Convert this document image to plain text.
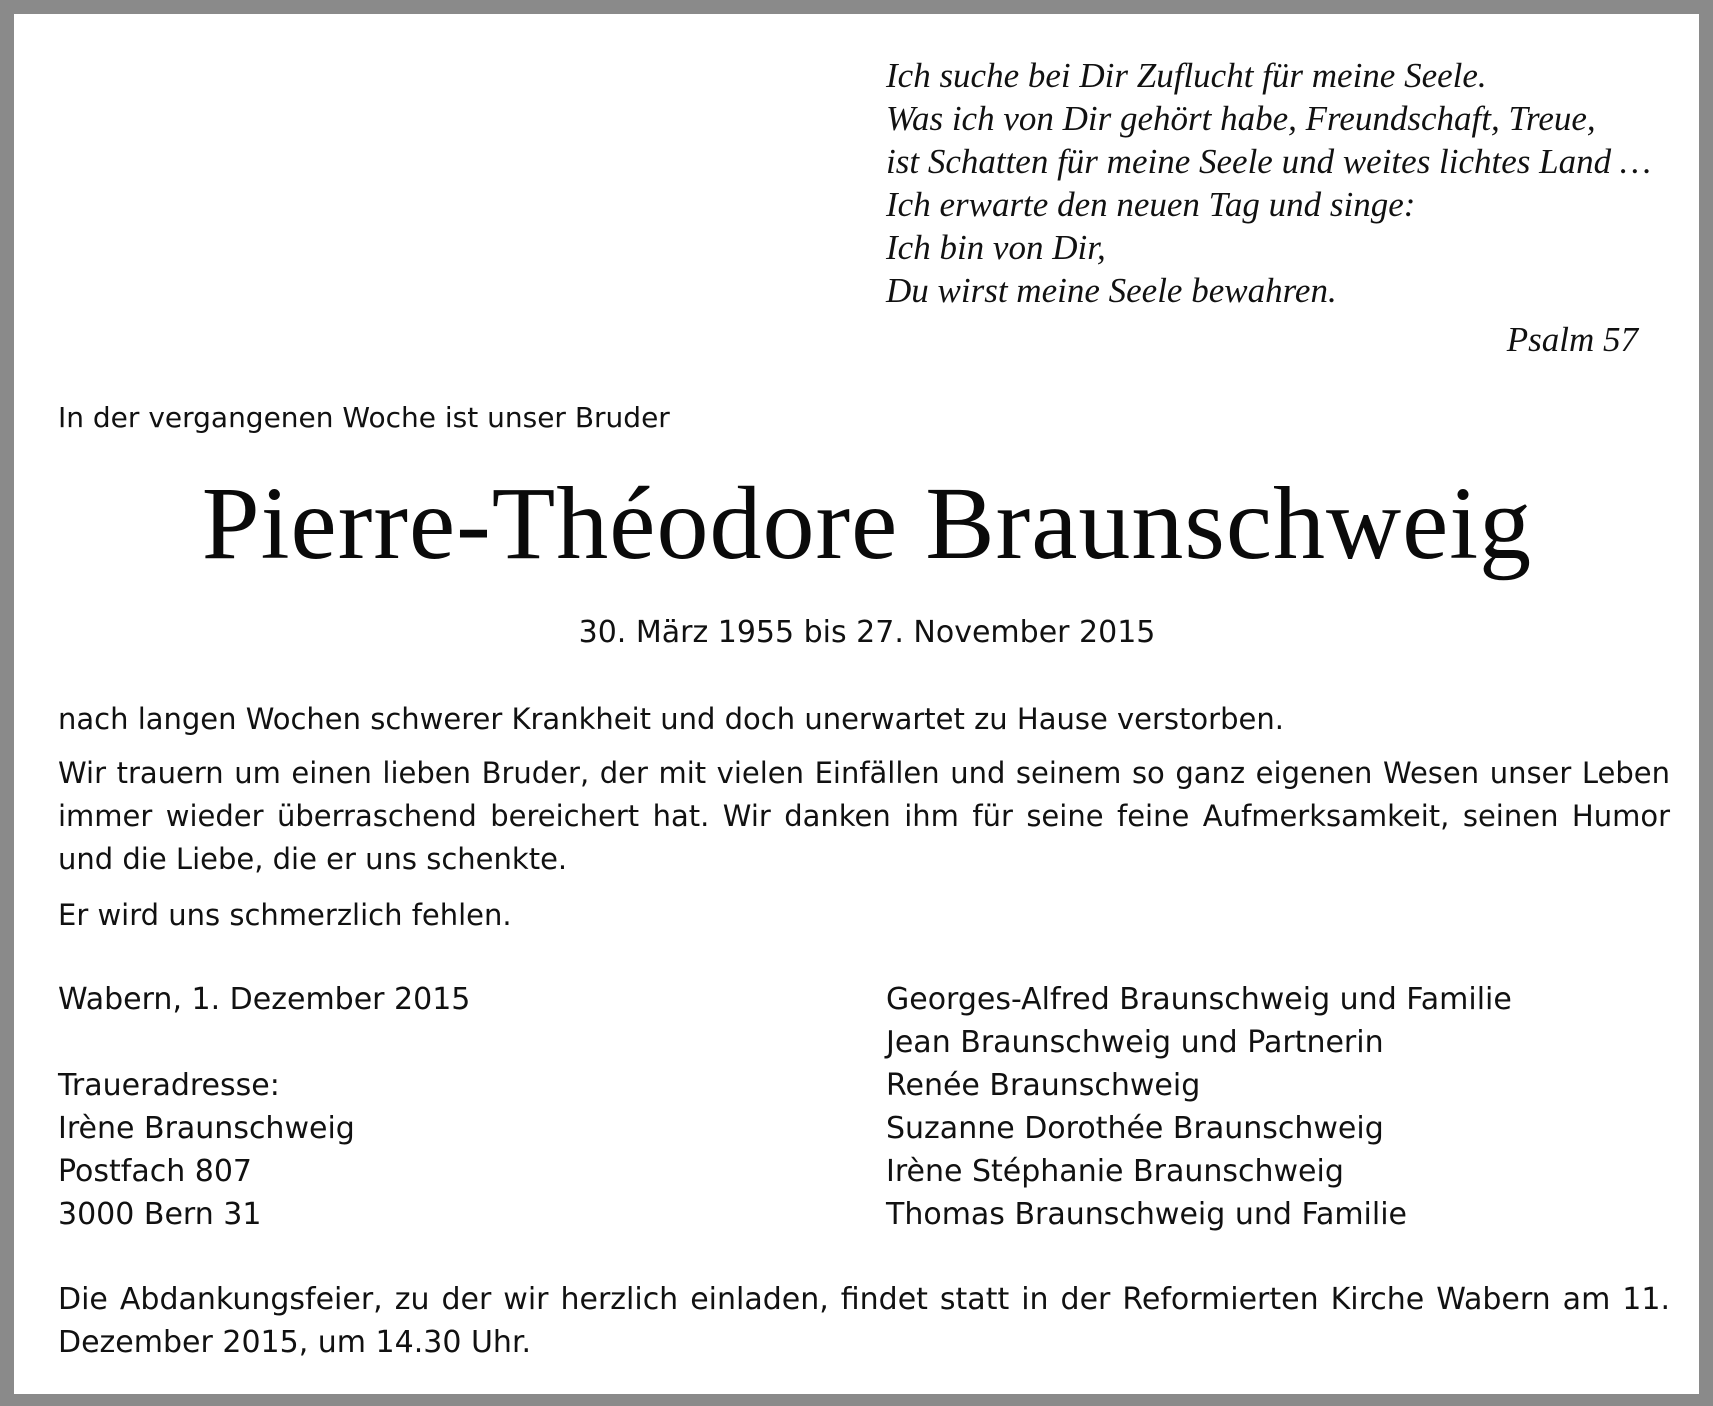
Ich suche bei Dir Zuflucht für meine Seele.
Was ich von Dir gehört habe, Freundschaft, Treue,
ist Schatten für meine Seele und weites lichtes Land …
Ich erwarte den neuen Tag und singe:
Ich bin von Dir,
Du wirst meine Seele bewahren.
Psalm 57
In der vergangenen Woche ist unser Bruder
Pierre-Théodore Braunschweig
30. März 1955 bis 27. November 2015
nach langen Wochen schwerer Krankheit und doch unerwartet zu Hause verstorben.
Wir trauern um einen lieben Bruder, der mit vielen Einfällen und seinem so ganz eigenen Wesen unser Leben immer wieder überraschend bereichert hat. Wir danken ihm für seine feine Aufmerksamkeit, seinen Humor und die Liebe, die er uns schenkte.
Er wird uns schmerzlich fehlen.
Wabern, 1. Dezember 2015
Traueradresse:
Irène Braunschweig
Postfach 807
3000 Bern 31
Georges-Alfred Braunschweig und Familie
Jean Braunschweig und Partnerin
Renée Braunschweig
Suzanne Dorothée Braunschweig
Irène Stéphanie Braunschweig
Thomas Braunschweig und Familie
Die Abdankungsfeier, zu der wir herzlich einladen, findet statt in der Reformierten Kirche Wabern am 11. Dezember 2015, um 14.30 Uhr.
